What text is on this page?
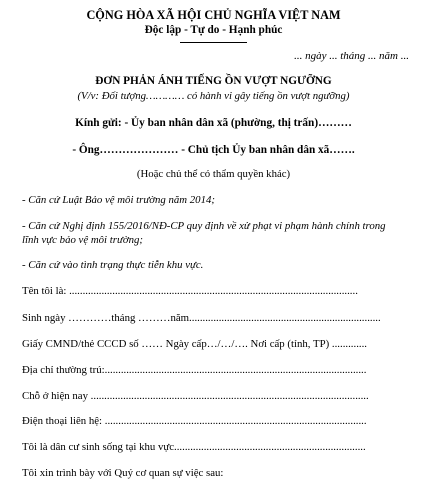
CỘNG HÒA XÃ HỘI CHỦ NGHĨA VIỆT NAM
Độc lập - Tự do - Hạnh phúc
... ngày ... tháng ... năm ...
ĐƠN PHẢN ÁNH TIẾNG ỒN VƯỢT NGƯỠNG
(V/v: Đối tượng………… có hành vi gây tiếng ồn vượt ngưỡng)
Kính gửi: - Ủy ban nhân dân xã (phường, thị trấn)………
- Ông………………… - Chủ tịch Ủy ban nhân dân xã…….
(Hoặc chủ thể có thẩm quyền khác)
- Căn cứ Luật Bảo vệ môi trường năm 2014;
- Căn cứ Nghị định 155/2016/NĐ-CP quy định về xử phạt vi phạm hành chính trong
lĩnh vực bảo vệ môi trường;
- Căn cứ vào tình trạng thực tiễn khu vực.
Tên tôi là: ...........................................................................................................
Sinh ngày …………tháng ………năm.......................................................................
Giấy CMND/thẻ CCCD số …… Ngày cấp…/…/…. Nơi cấp (tỉnh, TP) .............
Địa chỉ thường trú:.................................................................................................
Chỗ ở hiện nay .......................................................................................................
Điện thoại liên hệ: .................................................................................................
Tôi là dân cư sinh sống tại khu vực.......................................................................
Tôi xin trình bày với Quý cơ quan sự việc sau:
